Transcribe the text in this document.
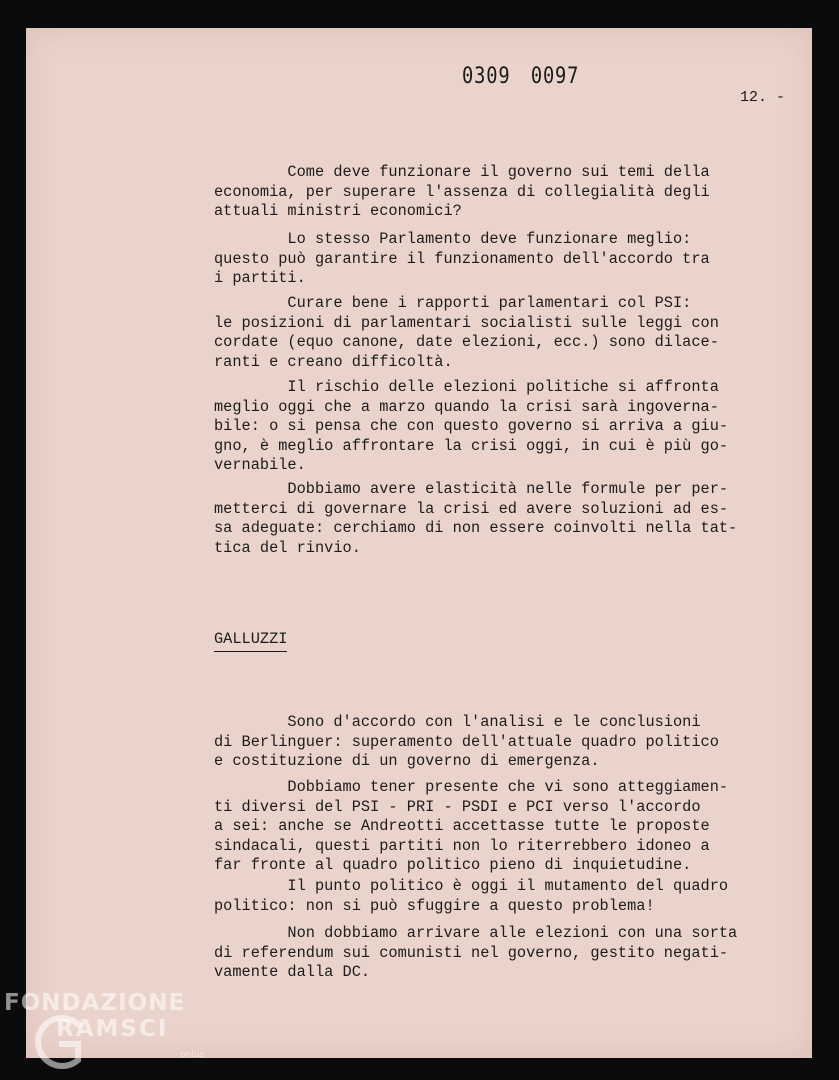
0309 0097
12. -

Come deve funzionare il governo sui temi della
economia, per superare l'assenza di collegialità degli
attuali ministri economici?

Lo stesso Parlamento deve funzionare meglio:
questo può garantire il funzionamento dell'accordo tra
i partiti.

Curare bene i rapporti parlamentari col PSI:
le posizioni di parlamentari socialisti sulle leggi con
cordate (equo canone, date elezioni, ecc.) sono dilace-
ranti e creano difficoltà.

Il rischio delle elezioni politiche si affronta
meglio oggi che a marzo quando la crisi sarà ingoverna-
bile: o si pensa che con questo governo si arriva a giu-
gno, è meglio affrontare la crisi oggi, in cui è più go-
vernabile.

Dobbiamo avere elasticità nelle formule per per-
metterci di governare la crisi ed avere soluzioni ad es-
sa adeguate: cerchiamo di non essere coinvolti nella tat-
tica del rinvio.

GALLUZZI

Sono d'accordo con l'analisi e le conclusioni
di Berlinguer: superamento dell'attuale quadro politico
e costituzione di un governo di emergenza.

Dobbiamo tener presente che vi sono atteggiamen-
ti diversi del PSI - PRI - PSDI e PCI verso l'accordo
a sei: anche se Andreotti accettasse tutte le proposte
sindacali, questi partiti non lo riterrebbero idoneo a
far fronte al quadro politico pieno di inquietudine.

Il punto politico è oggi il mutamento del quadro
politico: non si può sfuggire a questo problema!

Non dobbiamo arrivare alle elezioni con una sorta
di referendum sui comunisti nel governo, gestito negati-
vamente dalla DC.

FONDAZIONE
RAMSCI
onlus
